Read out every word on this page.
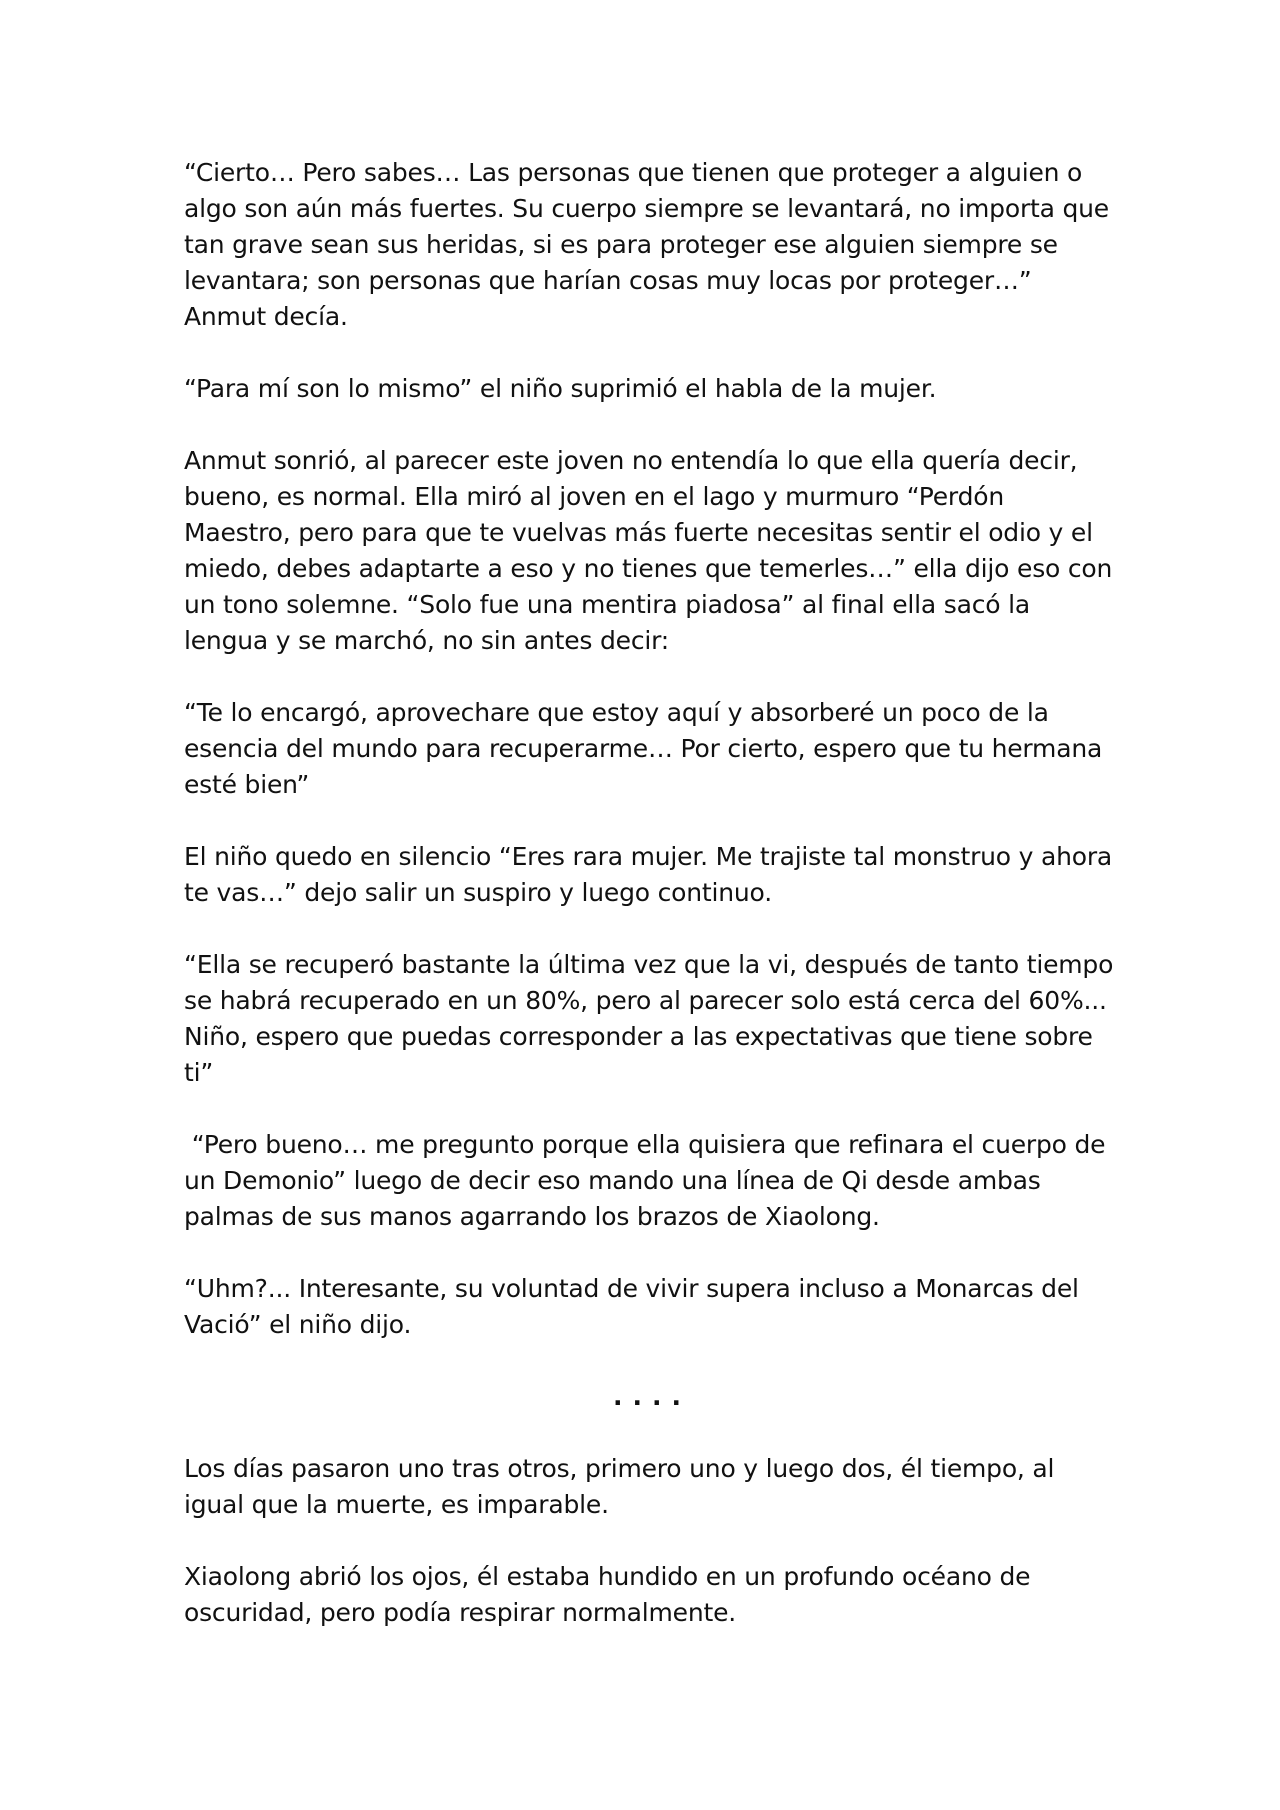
“Cierto… Pero sabes… Las personas que tienen que proteger a alguien o algo son aún más fuertes. Su cuerpo siempre se levantará, no importa que tan grave sean sus heridas, si es para proteger ese alguien siempre se levantara; son personas que harían cosas muy locas por proteger…” Anmut decía.

“Para mí son lo mismo” el niño suprimió el habla de la mujer.

Anmut sonrió, al parecer este joven no entendía lo que ella quería decir, bueno, es normal. Ella miró al joven en el lago y murmuro “Perdón Maestro, pero para que te vuelvas más fuerte necesitas sentir el odio y el miedo, debes adaptarte a eso y no tienes que temerles…” ella dijo eso con un tono solemne. “Solo fue una mentira piadosa” al final ella sacó la lengua y se marchó, no sin antes decir:

“Te lo encargó, aprovechare que estoy aquí y absorberé un poco de la esencia del mundo para recuperarme… Por cierto, espero que tu hermana esté bien”

El niño quedo en silencio “Eres rara mujer. Me trajiste tal monstruo y ahora te vas…” dejo salir un suspiro y luego continuo.

“Ella se recuperó bastante la última vez que la vi, después de tanto tiempo se habrá recuperado en un 80%, pero al parecer solo está cerca del 60%... Niño, espero que puedas corresponder a las expectativas que tiene sobre ti”

“Pero bueno… me pregunto porque ella quisiera que refinara el cuerpo de un Demonio” luego de decir eso mando una línea de Qi desde ambas palmas de sus manos agarrando los brazos de Xiaolong.

“Uhm?... Interesante, su voluntad de vivir supera incluso a Monarcas del Vació” el niño dijo.

....

Los días pasaron uno tras otros, primero uno y luego dos, él tiempo, al igual que la muerte, es imparable.

Xiaolong abrió los ojos, él estaba hundido en un profundo océano de oscuridad, pero podía respirar normalmente.
